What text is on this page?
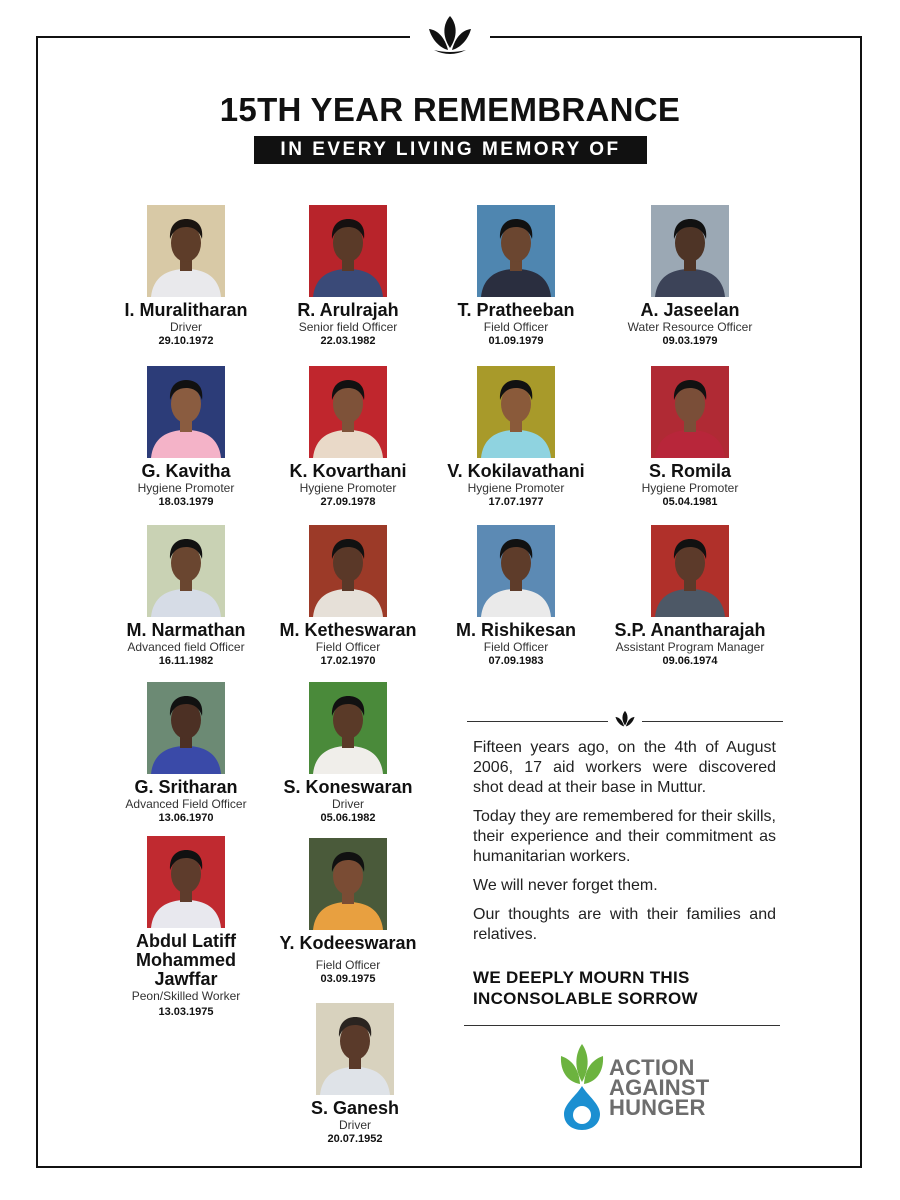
15TH YEAR REMEMBRANCE
IN EVERY LIVING MEMORY OF
I. Muralitharan
Driver
29.10.1972
R. Arulrajah
Senior field Officer
22.03.1982
T. Pratheeban
Field Officer
01.09.1979
A. Jaseelan
Water Resource Officer
09.03.1979
G. Kavitha
Hygiene Promoter
18.03.1979
K. Kovarthani
Hygiene Promoter
27.09.1978
V. Kokilavathani
Hygiene Promoter
17.07.1977
S. Romila
Hygiene Promoter
05.04.1981
M. Narmathan
Advanced field Officer
16.11.1982
M. Ketheswaran
Field Officer
17.02.1970
M. Rishikesan
Field Officer
07.09.1983
S.P. Anantharajah
Assistant Program Manager
09.06.1974
G. Sritharan
Advanced Field Officer
13.06.1970
S. Koneswaran
Driver
05.06.1982
Abdul Latiff Mohammed Jawffar
Peon/Skilled Worker
13.03.1975
Y. Kodeeswaran
Field Officer
03.09.1975
S. Ganesh
Driver
20.07.1952

Fifteen years ago, on the 4th of August 2006, 17 aid workers were discovered shot dead at their base in Muttur.

Today they are remembered for their skills, their experience and their commitment as humanitarian workers.

We will never forget them.

Our thoughts are with their families and relatives.

WE DEEPLY MOURN THIS
INCONSOLABLE SORROW
ACTION
AGAINST
HUNGER
